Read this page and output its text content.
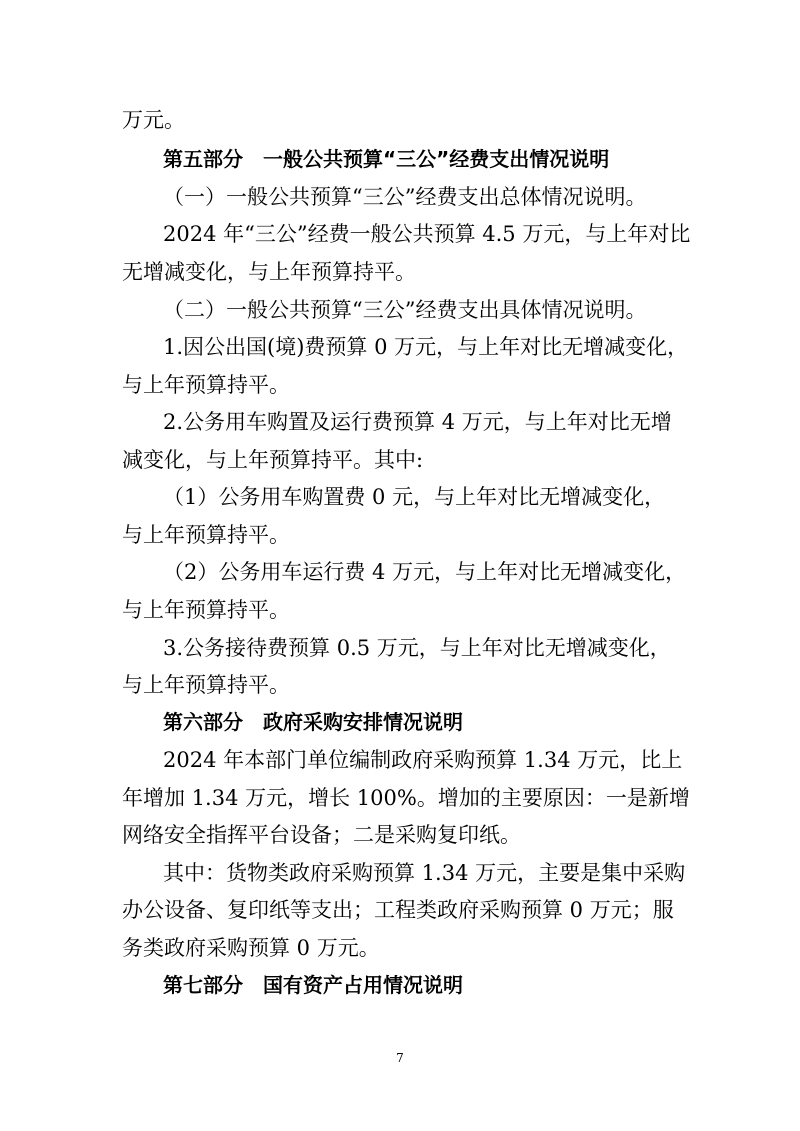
万元。
第五部分　一般公共预算“三公”经费支出情况说明
（一）一般公共预算“三公”经费支出总体情况说明。
2024 年“三公”经费一般公共预算 4.5 万元，与上年对比
无增减变化，与上年预算持平。
（二）一般公共预算“三公”经费支出具体情况说明。
1.因公出国(境)费预算 0 万元，与上年对比无增减变化，
与上年预算持平。
2.公务用车购置及运行费预算 4 万元，与上年对比无增
减变化，与上年预算持平。其中:
（1）公务用车购置费 0 元，与上年对比无增减变化，
与上年预算持平。
（2）公务用车运行费 4 万元，与上年对比无增减变化，
与上年预算持平。
3.公务接待费预算 0.5 万元，与上年对比无增减变化，
与上年预算持平。
第六部分　政府采购安排情况说明
2024 年本部门单位编制政府采购预算 1.34 万元，比上
年增加 1.34 万元，增长 100%。增加的主要原因：一是新增
网络安全指挥平台设备；二是采购复印纸。
其中：货物类政府采购预算 1.34 万元，主要是集中采购
办公设备、复印纸等支出；工程类政府采购预算 0 万元；服
务类政府采购预算 0 万元。
第七部分　国有资产占用情况说明
7
